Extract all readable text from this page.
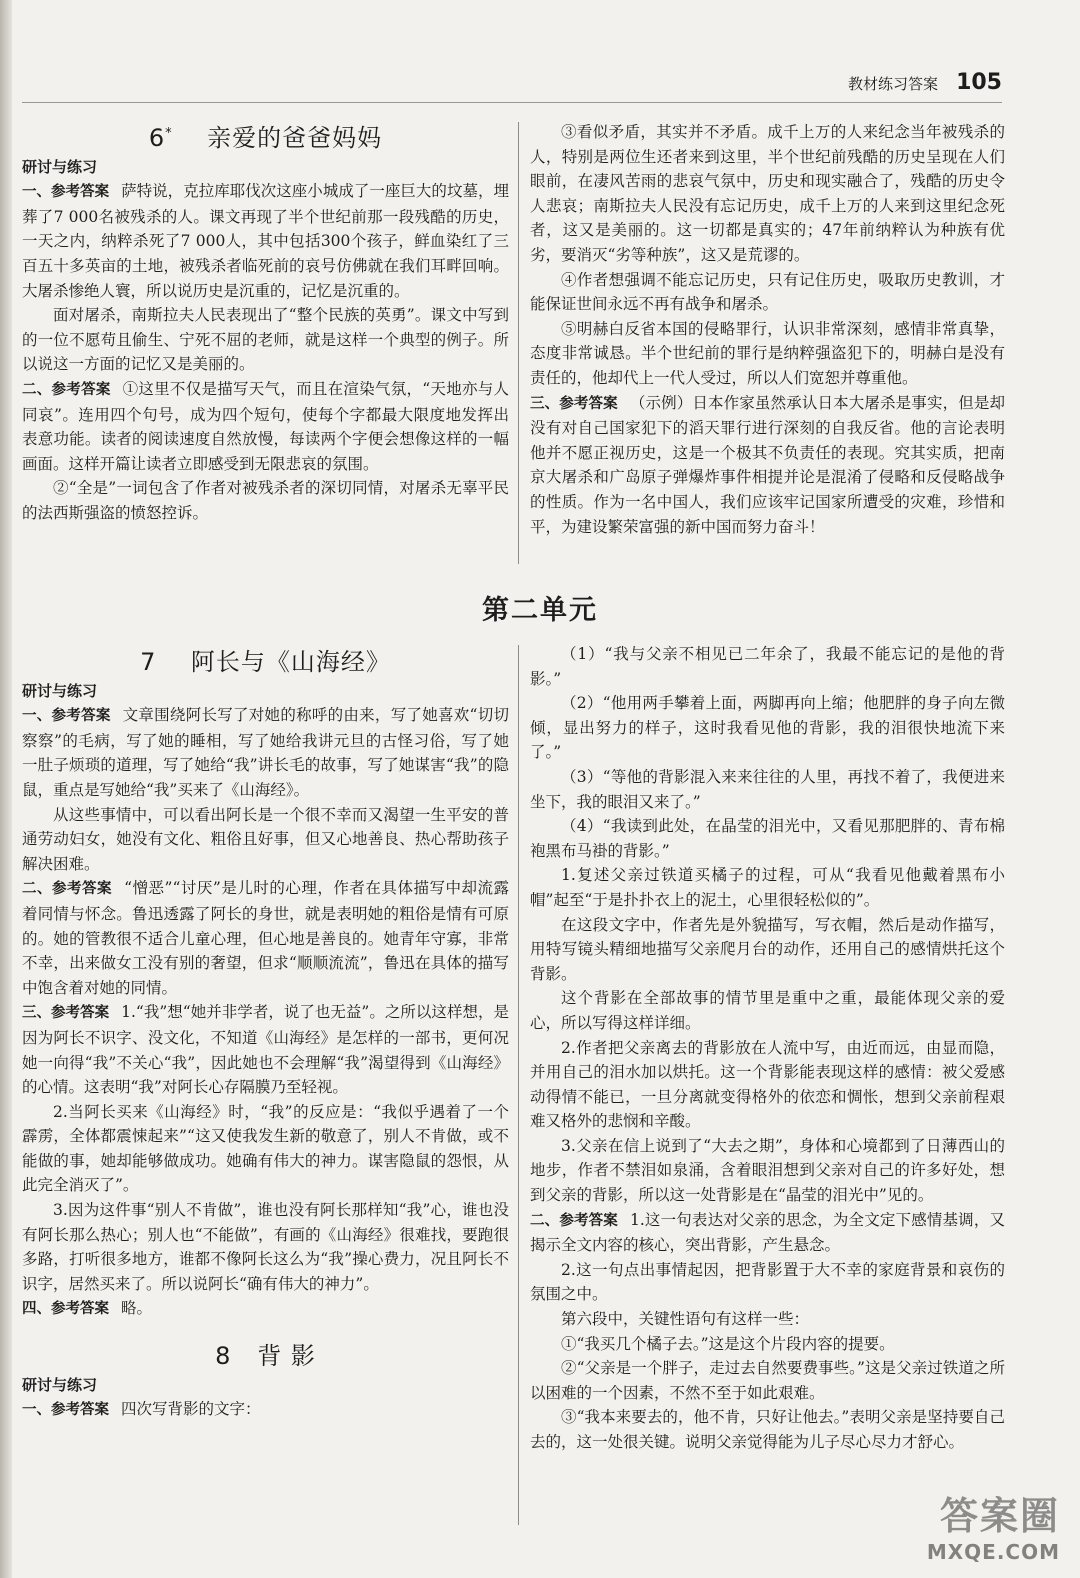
教材练习答案 105
6* 亲爱的爸爸妈妈

研讨与练习

一、参考答案 萨特说，克拉库耶伐次这座小城成了一座巨大的坟墓，埋葬了7 000名被残杀的人。课文再现了半个世纪前那一段残酷的历史，一天之内，纳粹杀死了7 000人，其中包括300个孩子，鲜血染红了三百五十多英亩的土地，被残杀者临死前的哀号仿佛就在我们耳畔回响。大屠杀惨绝人寰，所以说历史是沉重的，记忆是沉重的。

面对屠杀，南斯拉夫人民表现出了“整个民族的英勇”。课文中写到的一位不愿苟且偷生、宁死不屈的老师，就是这样一个典型的例子。所以说这一方面的记忆又是美丽的。

二、参考答案 ①这里不仅是描写天气，而且在渲染气氛，“天地亦与人同哀”。连用四个句号，成为四个短句，使每个字都最大限度地发挥出表意功能。读者的阅读速度自然放慢，每读两个字便会想像这样的一幅画面。这样开篇让读者立即感受到无限悲哀的氛围。

②“全是”一词包含了作者对被残杀者的深切同情，对屠杀无辜平民的法西斯强盗的愤怒控诉。

③看似矛盾，其实并不矛盾。成千上万的人来纪念当年被残杀的人，特别是两位生还者来到这里，半个世纪前残酷的历史呈现在人们眼前，在凄风苦雨的悲哀气氛中，历史和现实融合了，残酷的历史令人悲哀；南斯拉夫人民没有忘记历史，成千上万的人来到这里纪念死者，这又是美丽的。这一切都是真实的；47年前纳粹认为种族有优劣，要消灭“劣等种族”，这又是荒谬的。

④作者想强调不能忘记历史，只有记住历史，吸取历史教训，才能保证世间永远不再有战争和屠杀。

⑤明赫白反省本国的侵略罪行，认识非常深刻，感情非常真挚，态度非常诚恳。半个世纪前的罪行是纳粹强盗犯下的，明赫白是没有责任的，他却代上一代人受过，所以人们宽恕并尊重他。

三、参考答案 （示例）日本作家虽然承认日本大屠杀是事实，但是却没有对自己国家犯下的滔天罪行进行深刻的自我反省。他的言论表明他并不愿正视历史，这是一个极其不负责任的表现。究其实质，把南京大屠杀和广岛原子弹爆炸事件相提并论是混淆了侵略和反侵略战争的性质。作为一名中国人，我们应该牢记国家所遭受的灾难，珍惜和平，为建设繁荣富强的新中国而努力奋斗！

第二单元
7 阿长与《山海经》

研讨与练习

一、参考答案 文章围绕阿长写了对她的称呼的由来，写了她喜欢“切切察察”的毛病，写了她的睡相，写了她给我讲元旦的古怪习俗，写了她一肚子烦琐的道理，写了她给“我”讲长毛的故事，写了她谋害“我”的隐鼠，重点是写她给“我”买来了《山海经》。

从这些事情中，可以看出阿长是一个很不幸而又渴望一生平安的普通劳动妇女，她没有文化、粗俗且好事，但又心地善良、热心帮助孩子解决困难。

二、参考答案 “憎恶”“讨厌”是儿时的心理，作者在具体描写中却流露着同情与怀念。鲁迅透露了阿长的身世，就是表明她的粗俗是情有可原的。她的管教很不适合儿童心理，但心地是善良的。她青年守寡，非常不幸，出来做女工没有别的奢望，但求“顺顺流流”，鲁迅在具体的描写中饱含着对她的同情。

三、参考答案 1.“我”想“她并非学者，说了也无益”。之所以这样想，是因为阿长不识字、没文化，不知道《山海经》是怎样的一部书，更何况她一向得“我”不关心“我”，因此她也不会理解“我”渴望得到《山海经》的心情。这表明“我”对阿长心存隔膜乃至轻视。

2.当阿长买来《山海经》时，“我”的反应是：“我似乎遇着了一个霹雳，全体都震悚起来”“这又使我发生新的敬意了，别人不肯做，或不能做的事，她却能够做成功。她确有伟大的神力。谋害隐鼠的怨恨，从此完全消灭了”。

3.因为这件事“别人不肯做”，谁也没有阿长那样知“我”心，谁也没有阿长那么热心；别人也“不能做”，有画的《山海经》很难找，要跑很多路，打听很多地方，谁都不像阿长这么为“我”操心费力，况且阿长不识字，居然买来了。所以说阿长“确有伟大的神力”。

四、参考答案 略。

8 背 影

研讨与练习

一、参考答案 四次写背影的文字：

（1）“我与父亲不相见已二年余了，我最不能忘记的是他的背影。”

（2）“他用两手攀着上面，两脚再向上缩；他肥胖的身子向左微倾，显出努力的样子，这时我看见他的背影，我的泪很快地流下来了。”

（3）“等他的背影混入来来往往的人里，再找不着了，我便进来坐下，我的眼泪又来了。”

（4）“我读到此处，在晶莹的泪光中，又看见那肥胖的、青布棉袍黑布马褂的背影。”

1.复述父亲过铁道买橘子的过程，可从“我看见他戴着黑布小帽”起至“于是扑扑衣上的泥土，心里很轻松似的”。

在这段文字中，作者先是外貌描写，写衣帽，然后是动作描写，用特写镜头精细地描写父亲爬月台的动作，还用自己的感情烘托这个背影。

这个背影在全部故事的情节里是重中之重，最能体现父亲的爱心，所以写得这样详细。

2.作者把父亲离去的背影放在人流中写，由近而远，由显而隐，并用自己的泪水加以烘托。这一个背影能表现这样的感情：被父爱感动得情不能已，一旦分离就变得格外的依恋和惆怅，想到父亲前程艰难又格外的悲悯和辛酸。

3.父亲在信上说到了“大去之期”，身体和心境都到了日薄西山的地步，作者不禁泪如泉涌，含着眼泪想到父亲对自己的许多好处，想到父亲的背影，所以这一处背影是在“晶莹的泪光中”见的。

二、参考答案 1.这一句表达对父亲的思念，为全文定下感情基调，又揭示全文内容的核心，突出背影，产生悬念。

2.这一句点出事情起因，把背影置于大不幸的家庭背景和哀伤的氛围之中。

第六段中，关键性语句有这样一些：

①“我买几个橘子去。”这是这个片段内容的提要。

②“父亲是一个胖子，走过去自然要费事些。”这是父亲过铁道之所以困难的一个因素，不然不至于如此艰难。

③“我本来要去的，他不肯，只好让他去。”表明父亲是坚持要自己去的，这一处很关键。说明父亲觉得能为儿子尽心尽力才舒心。

答案圈
MXQE.COM
